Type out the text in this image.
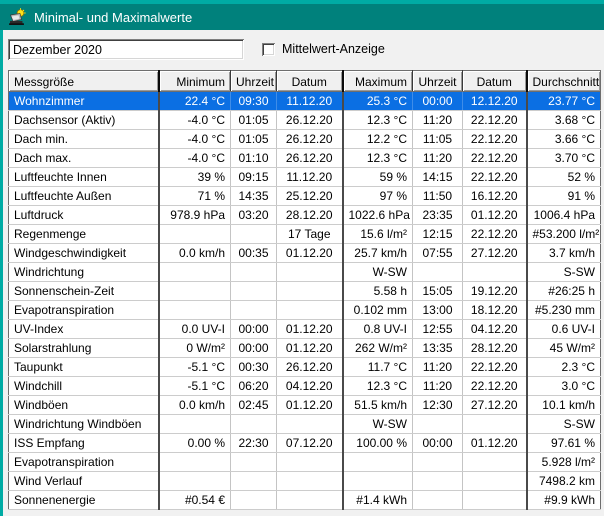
Minimal- und Maximalwerte
Dezember 2020
Mittelwert-Anzeige
Messgröße	Minimum	Uhrzeit	Datum	Maximum	Uhrzeit	Datum	Durchschnitt
Wohnzimmer	22.4 °C	09:30	11.12.20	25.3 °C	00:00	12.12.20	23.77 °C
Dachsensor (Aktiv)	-4.0 °C	01:05	26.12.20	12.3 °C	11:20	22.12.20	3.68 °C
Dach min.	-4.0 °C	01:05	26.12.20	12.2 °C	11:05	22.12.20	3.66 °C
Dach max.	-4.0 °C	01:10	26.12.20	12.3 °C	11:20	22.12.20	3.70 °C
Luftfeuchte Innen	39 %	09:15	11.12.20	59 %	14:15	22.12.20	52 %
Luftfeuchte Außen	71 %	14:35	25.12.20	97 %	11:50	16.12.20	91 %
Luftdruck	978.9 hPa	03:20	28.12.20	1022.6 hPa	23:35	01.12.20	1006.4 hPa
Regenmenge			17 Tage	15.6 l/m²	12:15	22.12.20	#53.200 l/m²
Windgeschwindigkeit	0.0 km/h	00:35	01.12.20	25.7 km/h	07:55	27.12.20	3.7 km/h
Windrichtung				W-SW			S-SW
Sonnenschein-Zeit				5.58 h	15:05	19.12.20	#26:25 h
Evapotranspiration				0.102 mm	13:00	18.12.20	#5.230 mm
UV-Index	0.0 UV-I	00:00	01.12.20	0.8 UV-I	12:55	04.12.20	0.6 UV-I
Solarstrahlung	0 W/m²	00:00	01.12.20	262 W/m²	13:35	28.12.20	45 W/m²
Taupunkt	-5.1 °C	00:30	26.12.20	11.7 °C	11:20	22.12.20	2.3 °C
Windchill	-5.1 °C	06:20	04.12.20	12.3 °C	11:20	22.12.20	3.0 °C
Windböen	0.0 km/h	02:45	01.12.20	51.5 km/h	12:30	27.12.20	10.1 km/h
Windrichtung Windböen				W-SW			S-SW
ISS Empfang	0.00 %	22:30	07.12.20	100.00 %	00:00	01.12.20	97.61 %
Evapotranspiration							5.928 l/m²
Wind Verlauf							7498.2 km
Sonnenenergie	#0.54 €			#1.4 kWh			#9.9 kWh
